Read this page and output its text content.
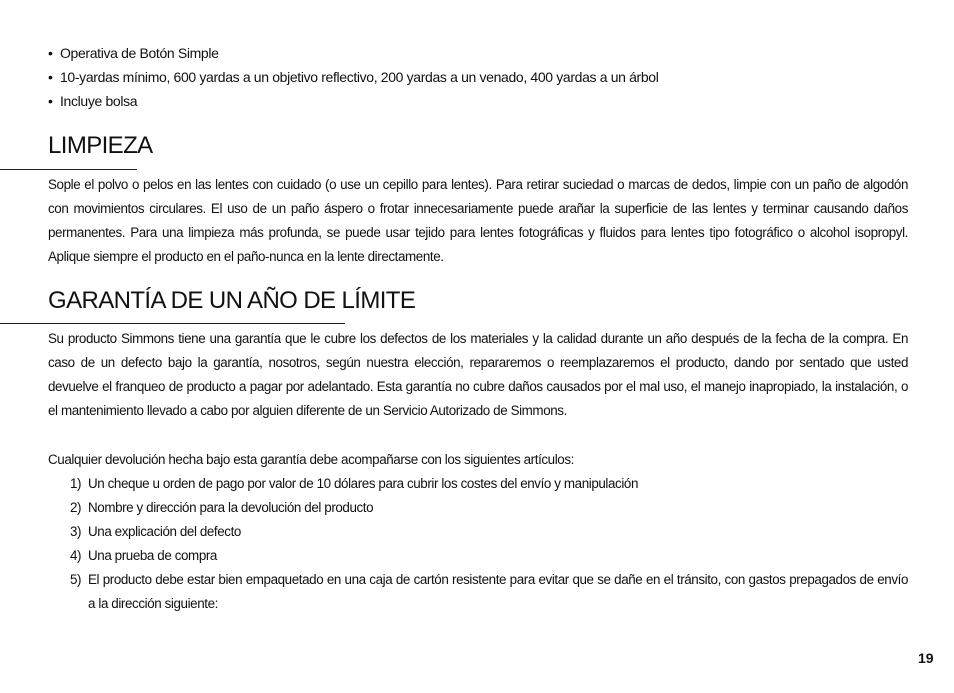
• Operativa de Botón Simple
• 10-yardas mínimo, 600 yardas a un objetivo reflectivo, 200 yardas a un venado, 400 yardas a un árbol
• Incluye bolsa
LIMPIEZA

Sople el polvo o pelos en las lentes con cuidado (o use un cepillo para lentes). Para retirar suciedad o marcas de dedos, limpie con un paño de algodón con movimientos circulares. El uso de un paño áspero o frotar innecesariamente puede arañar la superficie de las lentes y terminar causando daños permanentes. Para una limpieza más profunda, se puede usar tejido para lentes fotográficas y fluidos para lentes tipo fotográfico o alcohol isopropyl. Aplique siempre el producto en el paño-nunca en la lente directamente.

GARANTÍA DE UN AÑO DE LÍMITE

Su producto Simmons tiene una garantía que le cubre los defectos de los materiales y la calidad durante un año después de la fecha de la compra. En caso de un defecto bajo la garantía, nosotros, según nuestra elección, repararemos o reemplazaremos el producto, dando por sentado que usted devuelve el franqueo de producto a pagar por adelantado. Esta garantía no cubre daños causados por el mal uso, el manejo inapropiado, la instalación, o el mantenimiento llevado a cabo por alguien diferente de un Servicio Autorizado de Simmons.

Cualquier devolución hecha bajo esta garantía debe acompañarse con los siguientes artículos:

1) Un cheque u orden de pago por valor de 10 dólares para cubrir los costes del envío y manipulación
2) Nombre y dirección para la devolución del producto
3) Una explicación del defecto
4) Una prueba de compra
5) El producto debe estar bien empaquetado en una caja de cartón resistente para evitar que se dañe en el tránsito, con gastos prepagados de envío a la dirección siguiente:
19
